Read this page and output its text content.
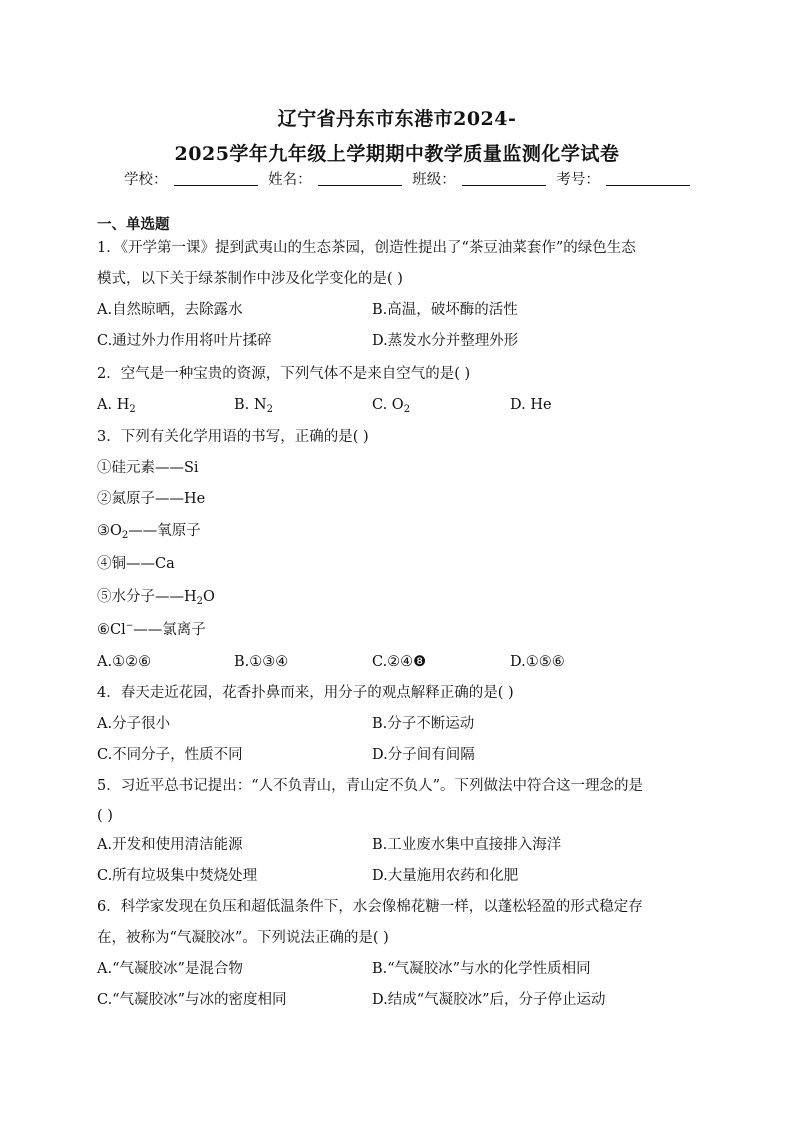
辽宁省丹东市东港市2024-
2025学年九年级上学期期中教学质量监测化学试卷
学校：	姓名：	班级：	考号：
一、单选题
1．《开学第一课》提到武夷山的生态茶园，创造性提出了“茶豆油菜套作”的绿色生态
模式，以下关于绿茶制作中涉及化学变化的是( )
A.自然晾晒，去除露水	B.高温，破坏酶的活性
C.通过外力作用将叶片揉碎	D.蒸发水分并整理外形
2．空气是一种宝贵的资源，下列气体不是来自空气的是( )
A. $H_2$	B. $N_2$	C. $O_2$	D. He
3．下列有关化学用语的书写，正确的是( )
①硅元素——Si
②氮原子——He
$③O_2——$氧原子
④铜——Ca
⑤水分子$——H_2O$
⑥Cl−——氯离子
A.①②⑥	B.①③④	C.②④❽	D.①⑤⑥
4．春天走近花园，花香扑鼻而来，用分子的观点解释正确的是( )
A.分子很小	B.分子不断运动
C.不同分子，性质不同	D.分子间有间隔
5．习近平总书记提出：“人不负青山，青山定不负人”。下列做法中符合这一理念的是
( )
A.开发和使用清洁能源	B.工业废水集中直接排入海洋
C.所有垃圾集中焚烧处理	D.大量施用农药和化肥
6．科学家发现在负压和超低温条件下，水会像棉花糖一样，以蓬松轻盈的形式稳定存
在，被称为“气凝胶冰”。下列说法正确的是( )
A.“气凝胶冰”是混合物	B.“气凝胶冰”与水的化学性质相同
C.“气凝胶冰”与冰的密度相同	D.结成“气凝胶冰”后，分子停止运动
